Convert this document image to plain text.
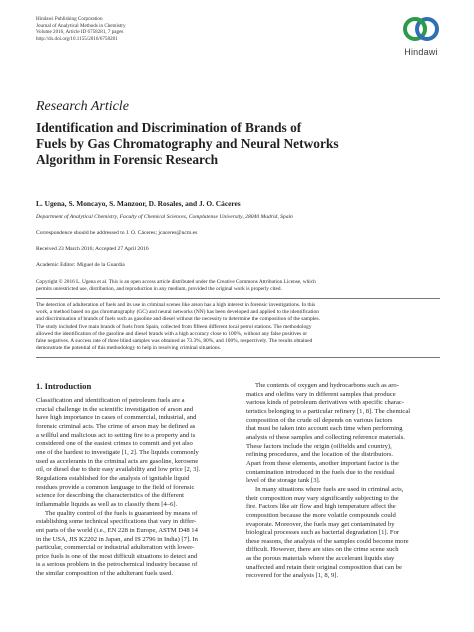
Hindawi Publishing Corporation
Journal of Analytical Methods in Chemistry
Volume 2016, Article ID 6758281, 7 pages
http://dx.doi.org/10.1155/2016/6758281
Hindawi
Research Article
Identification and Discrimination of Brands of
Fuels by Gas Chromatography and Neural Networks
Algorithm in Forensic Research
L. Ugena, S. Moncayo, S. Manzoor, D. Rosales, and J. O. Cáceres
Department of Analytical Chemistry, Faculty of Chemical Sciences, Complutense University, 28040 Madrid, Spain
Correspondence should be addressed to J. O. Cáceres; jcaceres@ucm.es
Received 23 March 2016; Accepted 27 April 2016
Academic Editor: Miguel de la Guardia
Copyright © 2016 L. Ugena et al. This is an open access article distributed under the Creative Commons Attribution License, which
permits unrestricted use, distribution, and reproduction in any medium, provided the original work is properly cited.
The detection of adulteration of fuels and its use in criminal scenes like arson has a high interest in forensic investigations. In this
work, a method based on gas chromatography (GC) and neural networks (NN) has been developed and applied to the identification
and discrimination of brands of fuels such as gasoline and diesel without the necessity to determine the composition of the samples.
The study included five main brands of fuels from Spain, collected from fifteen different local petrol stations. The methodology
allowed the identification of the gasoline and diesel brands with a high accuracy close to 100%, without any false positives or
false negatives. A success rate of three blind samples was obtained as 73.3%, 80%, and 100%, respectively. The results obtained
demonstrate the potential of this methodology to help in resolving criminal situations.
1. Introduction
Classification and identification of petroleum fuels are a
crucial challenge in the scientific investigation of arson and
have high importance in cases of commercial, industrial, and
forensic criminal acts. The crime of arson may be defined as
a willful and malicious act to setting fire to a property and is
considered one of the easiest crimes to commit and yet also
one of the hardest to investigate [1, 2]. The liquids commonly
used as accelerants in the criminal acts are gasoline, kerosene
oil, or diesel due to their easy availability and low price [2, 3].
Regulations established for the analysis of ignitable liquid
residues provide a common language to the field of forensic
science for describing the characteristics of the different
inflammable liquids as well as to classify them [4–6].
The quality control of the fuels is guaranteed by means of
establishing some technical specifications that vary in differ-
ent parts of the world (i.e., EN 228 in Europe, ASTM D48 14
in the USA, JIS K2202 in Japan, and IS 2796 in India) [7]. In
particular, commercial or industrial adulteration with lower-
price fuels is one of the most difficult situations to detect and
is a serious problem in the petrochemical industry because of
the similar composition of the adulterant fuels used.
The contents of oxygen and hydrocarbons such as aro-
matics and olefins vary in different samples that produce
various kinds of petroleum derivatives with specific charac-
teristics belonging to a particular refinery [1, 8]. The chemical
composition of the crude oil depends on various factors
that must be taken into account each time when performing
analysis of these samples and collecting reference materials.
These factors include the origin (oilfields and country),
refining procedures, and the location of the distributors.
Apart from these elements, another important factor is the
contamination introduced in the fuels due to the residual
level of the storage tank [3].
In many situations where fuels are used in criminal acts,
their composition may vary significantly subjecting to the
fire. Factors like air flow and high temperature affect the
composition because the more volatile compounds could
evaporate. Moreover, the fuels may get contaminated by
biological processes such as bacterial degradation [1]. For
these reasons, the analysis of the samples could become more
difficult. However, there are sites on the crime scene such
as the porous materials where the accelerant liquids stay
unaffected and retain their original composition that can be
recovered for the analysis [1, 8, 9].
